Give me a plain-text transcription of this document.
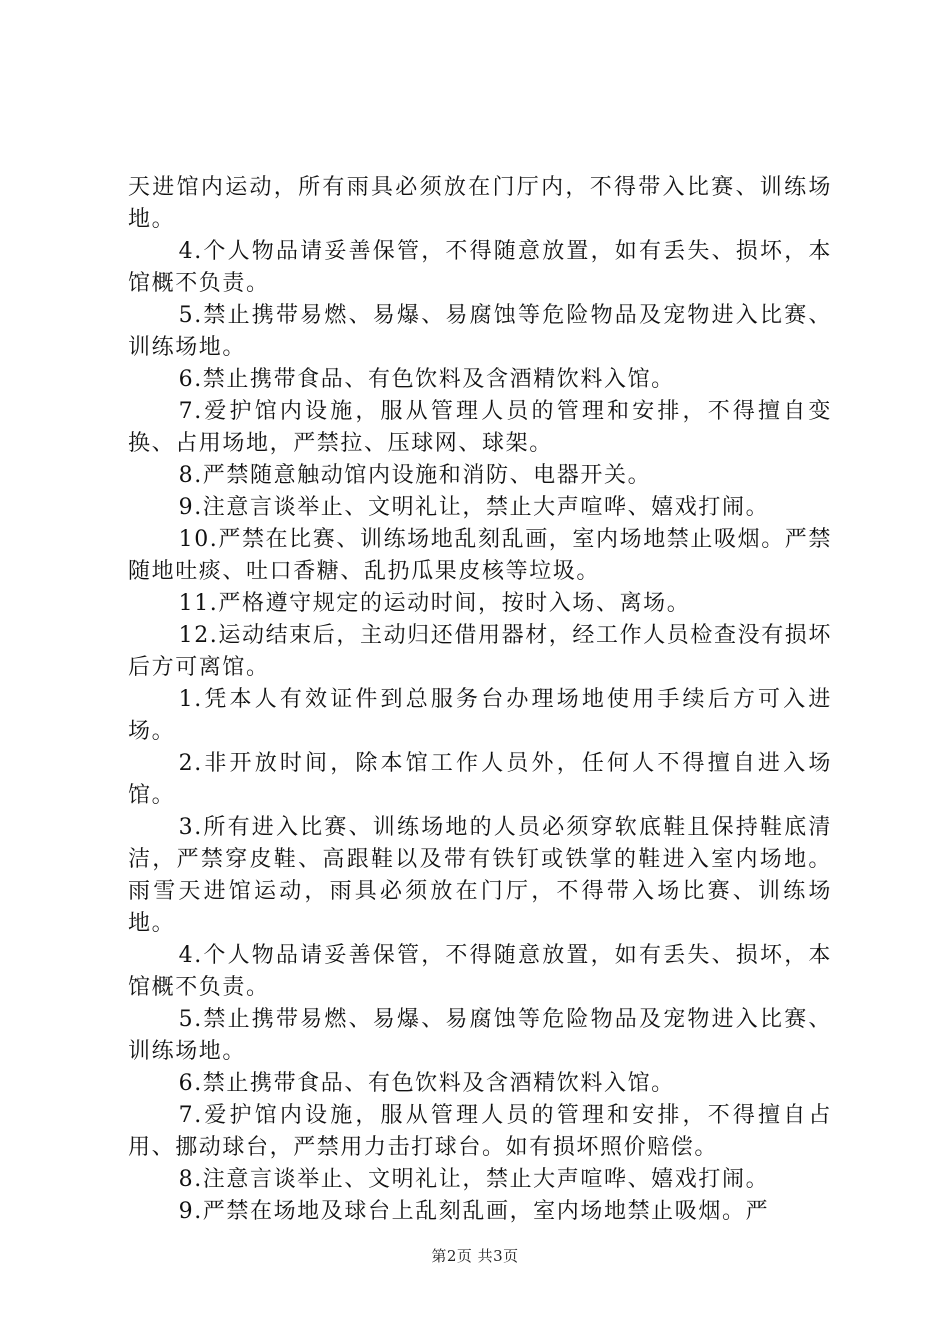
天进馆内运动，所有雨具必须放在门厅内，不得带入比赛、训练场地。

4.个人物品请妥善保管，不得随意放置，如有丢失、损坏，本馆概不负责。

5.禁止携带易燃、易爆、易腐蚀等危险物品及宠物进入比赛、训练场地。

6.禁止携带食品、有色饮料及含酒精饮料入馆。

7.爱护馆内设施，服从管理人员的管理和安排，不得擅自变换、占用场地，严禁拉、压球网、球架。

8.严禁随意触动馆内设施和消防、电器开关。

9.注意言谈举止、文明礼让，禁止大声喧哗、嬉戏打闹。

10.严禁在比赛、训练场地乱刻乱画，室内场地禁止吸烟。严禁随地吐痰、吐口香糖、乱扔瓜果皮核等垃圾。

11.严格遵守规定的运动时间，按时入场、离场。

12.运动结束后，主动归还借用器材，经工作人员检查没有损坏后方可离馆。

1.凭本人有效证件到总服务台办理场地使用手续后方可入进场。

2.非开放时间，除本馆工作人员外，任何人不得擅自进入场馆。

3.所有进入比赛、训练场地的人员必须穿软底鞋且保持鞋底清洁，严禁穿皮鞋、高跟鞋以及带有铁钉或铁掌的鞋进入室内场地。雨雪天进馆运动，雨具必须放在门厅，不得带入场比赛、训练场地。

4.个人物品请妥善保管，不得随意放置，如有丢失、损坏，本馆概不负责。

5.禁止携带易燃、易爆、易腐蚀等危险物品及宠物进入比赛、训练场地。

6.禁止携带食品、有色饮料及含酒精饮料入馆。

7.爱护馆内设施，服从管理人员的管理和安排，不得擅自占用、挪动球台，严禁用力击打球台。如有损坏照价赔偿。

8.注意言谈举止、文明礼让，禁止大声喧哗、嬉戏打闹。

9.严禁在场地及球台上乱刻乱画，室内场地禁止吸烟。严

第2页 共3页
